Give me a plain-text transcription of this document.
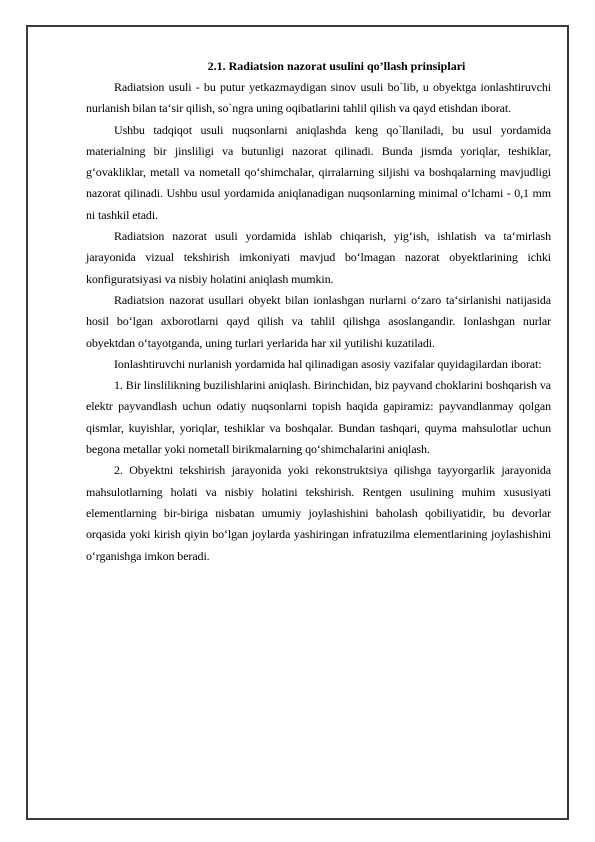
2.1. Radiatsion nazorat usulini qo’llash prinsiplari

Radiatsion usuli - bu putur yetkazmaydigan sinov usuli bo`lib, u obyektga ionlashtiruvchi nurlanish bilan ta‘sir qilish, so`ngra uning oqibatlarini tahlil qilish va qayd etishdan iborat.

Ushbu tadqiqot usuli nuqsonlarni aniqlashda keng qo`llaniladi, bu usul yordamida materialning bir jinsliligi va butunligi nazorat qilinadi. Bunda jismda yoriqlar, teshiklar, g‘ovakliklar, metall va nometall qo‘shimchalar, qirralarning siljishi va boshqalarning mavjudligi nazorat qilinadi. Ushbu usul yordamida aniqlanadigan nuqsonlarning minimal o‘lchami - 0,1 mm ni tashkil etadi.

Radiatsion nazorat usuli yordamida ishlab chiqarish, yig‘ish, ishlatish va ta‘mirlash jarayonida vizual tekshirish imkoniyati mavjud bo‘lmagan nazorat obyektlarining ichki konfiguratsiyasi va nisbiy holatini aniqlash mumkin.

Radiatsion nazorat usullari obyekt bilan ionlashgan nurlarni o‘zaro ta‘sirlanishi natijasida hosil bo‘lgan axborotlarni qayd qilish va tahlil qilishga asoslangandir. Ionlashgan nurlar obyektdan o‘tayotganda, uning turlari yerlarida har xil yutilishi kuzatiladi.

Ionlashtiruvchi nurlanish yordamida hal qilinadigan asosiy vazifalar quyidagilardan iborat:

1. Bir linslilikning buzilishlarini aniqlash. Birinchidan, biz payvand choklarini boshqarish va elektr payvandlash uchun odatiy nuqsonlarni topish haqida gapiramiz: payvandlanmay qolgan qismlar, kuyishlar, yoriqlar, teshiklar va boshqalar. Bundan tashqari, quyma mahsulotlar uchun begona metallar yoki nometall birikmalarning qo‘shimchalarini aniqlash.

2. Obyektni tekshirish jarayonida yoki rekonstruktsiya qilishga tayyorgarlik jarayonida mahsulotlarning holati va nisbiy holatini tekshirish. Rentgen usulining muhim xususiyati elementlarning bir-biriga nisbatan umumiy joylashishini baholash qobiliyatidir, bu devorlar orqasida yoki kirish qiyin bo‘lgan joylarda yashiringan infratuzilma elementlarining joylashishini o‘rganishga imkon beradi.
